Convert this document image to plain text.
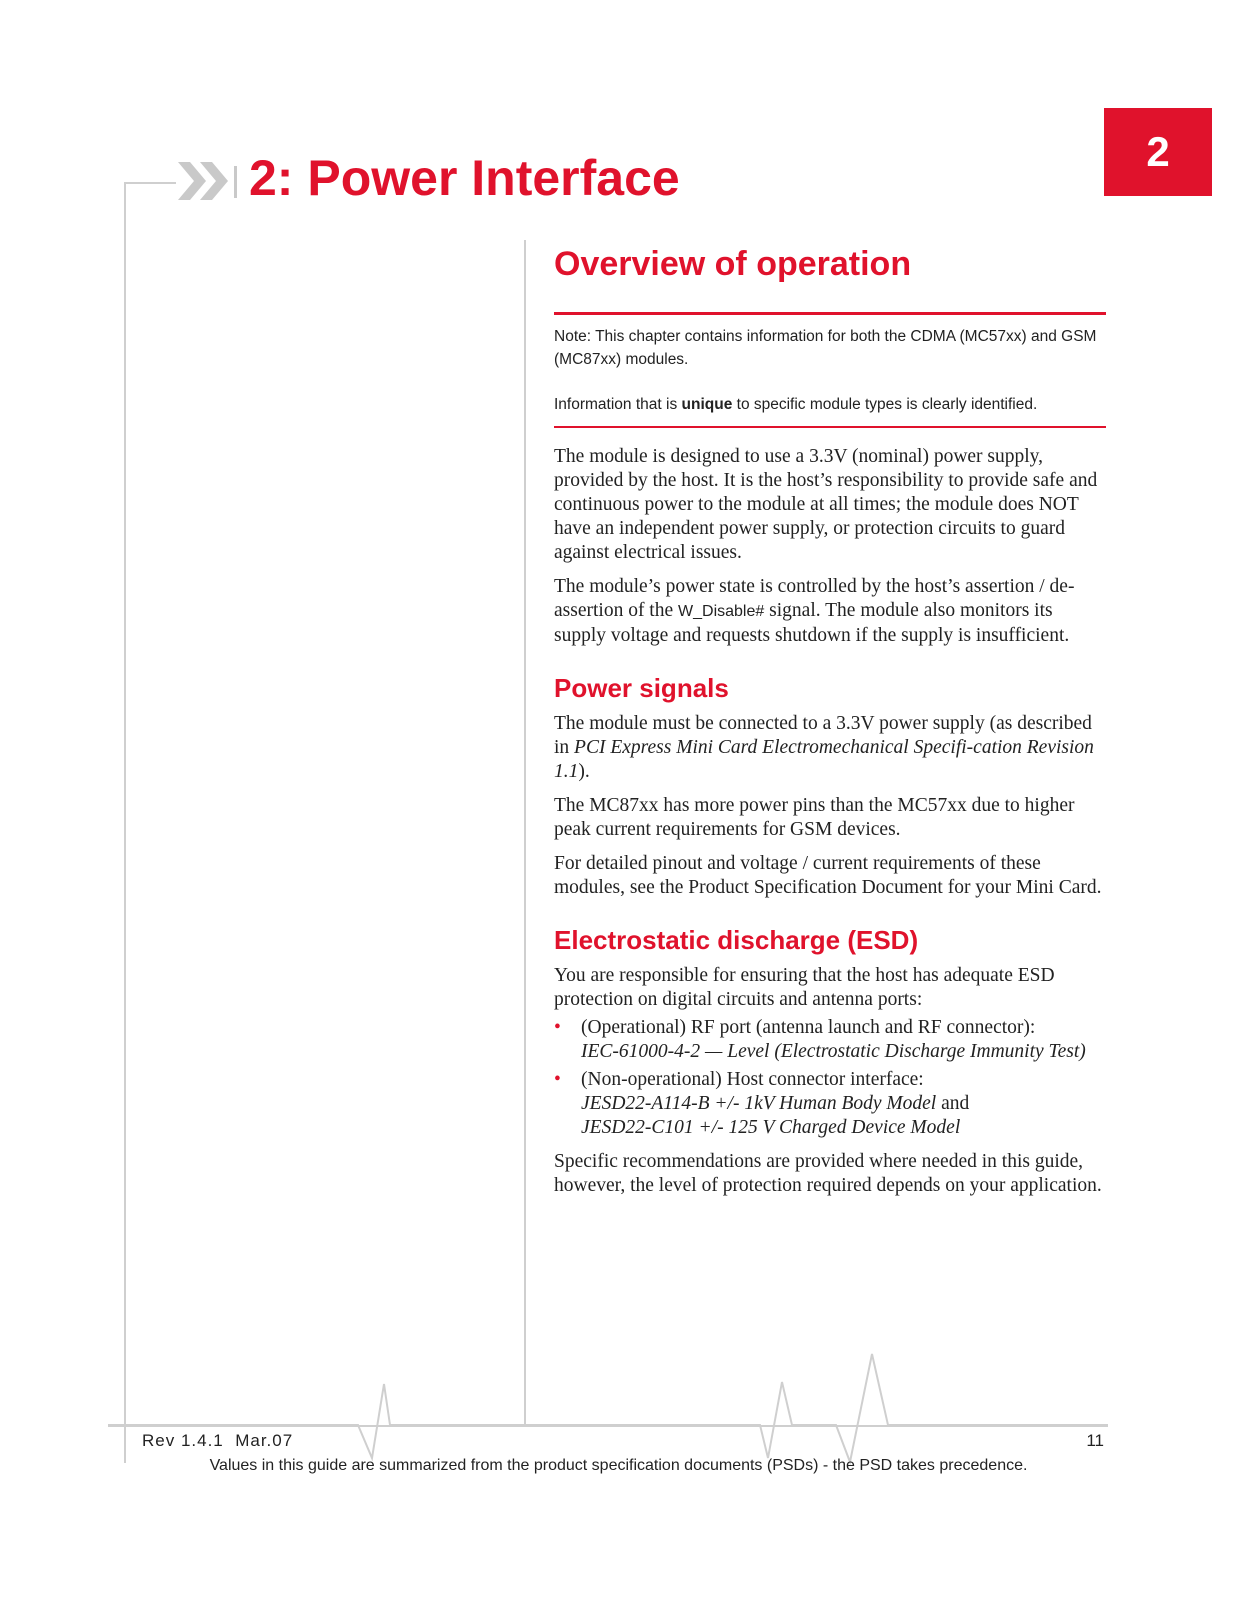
2
2: Power Interface
Overview of operation

Note: This chapter contains information for both the CDMA (MC57xx) and GSM (MC87xx) modules.

Information that is unique to specific module types is clearly identified.

The module is designed to use a 3.3V (nominal) power supply, provided by the host. It is the host’s responsibility to provide safe and continuous power to the module at all times; the module does NOT have an independent power supply, or protection circuits to guard against electrical issues.

The module’s power state is controlled by the host’s assertion / de-assertion of the W_Disable# signal. The module also monitors its supply voltage and requests shutdown if the supply is insufficient.

Power signals

The module must be connected to a 3.3V power supply (as described in PCI Express Mini Card Electromechanical Specifi-cation Revision 1.1).

The MC87xx has more power pins than the MC57xx due to higher peak current requirements for GSM devices.

For detailed pinout and voltage / current requirements of these modules, see the Product Specification Document for your Mini Card.

Electrostatic discharge (ESD)

You are responsible for ensuring that the host has adequate ESD protection on digital circuits and antenna ports:

• (Operational) RF port (antenna launch and RF connector):
IEC-61000-4-2 — Level (Electrostatic Discharge Immunity Test)
• (Non-operational) Host connector interface:
JESD22-A114-B +/- 1kV Human Body Model and
JESD22-C101 +/- 125 V Charged Device Model

Specific recommendations are provided where needed in this guide, however, the level of protection required depends on your application.

Rev 1.4.1  Mar.07	11
Values in this guide are summarized from the product specification documents (PSDs) - the PSD takes precedence.
